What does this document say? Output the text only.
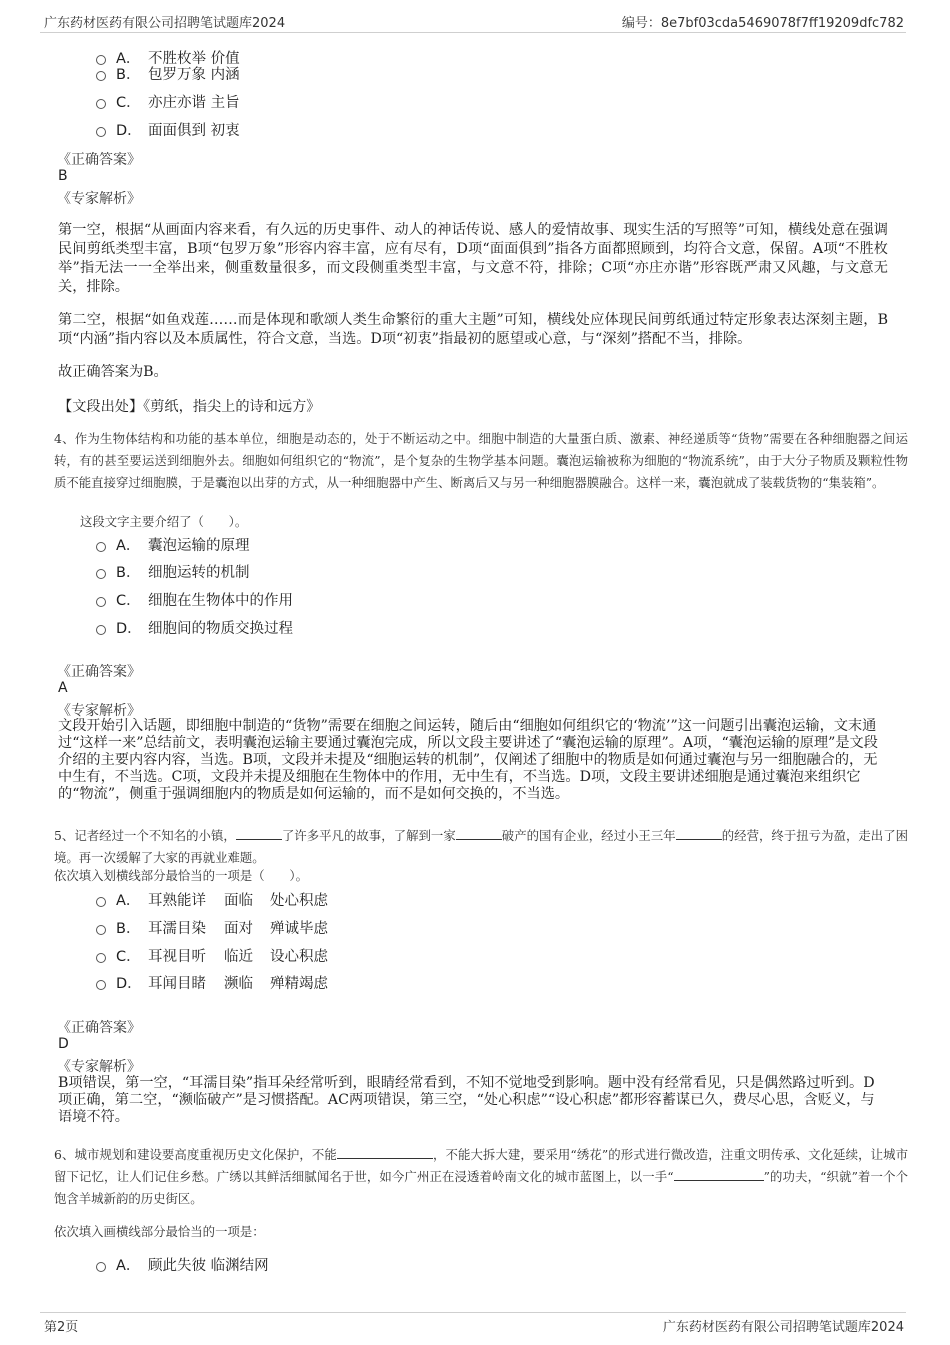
广东药材医药有限公司招聘笔试题库2024	编号：8e7bf03cda5469078f7ff19209dfc782
A． 不胜枚举 价值
B． 包罗万象 内涵
C． 亦庄亦谐 主旨
D． 面面俱到 初衷
《正确答案》
B
《专家解析》

第一空，根据“从画面内容来看，有久远的历史事件、动人的神话传说、感人的爱情故事、现实生活的写照等”可知，横线处意在强调民间剪纸类型丰富，B项“包罗万象”形容内容丰富，应有尽有，D项“面面俱到”指各方面都照顾到，均符合文意，保留。A项“不胜枚举”指无法一一全举出来，侧重数量很多，而文段侧重类型丰富，与文意不符，排除；C项“亦庄亦谐”形容既严肃又风趣，与文意无关，排除。

第二空，根据“如鱼戏莲……而是体现和歌颂人类生命繁衍的重大主题”可知，横线处应体现民间剪纸通过特定形象表达深刻主题，B项“内涵”指内容以及本质属性，符合文意，当选。D项“初衷”指最初的愿望或心意，与“深刻”搭配不当，排除。

故正确答案为B。

【文段出处】《剪纸，指尖上的诗和远方》

4、作为生物体结构和功能的基本单位，细胞是动态的，处于不断运动之中。细胞中制造的大量蛋白质、激素、神经递质等“货物”需要在各种细胞器之间运转，有的甚至要运送到细胞外去。细胞如何组织它的“物流”，是个复杂的生物学基本问题。囊泡运输被称为细胞的“物流系统”，由于大分子物质及颗粒性物质不能直接穿过细胞膜，于是囊泡以出芽的方式，从一种细胞器中产生、断离后又与另一种细胞器膜融合。这样一来，囊泡就成了装载货物的“集装箱”。

这段文字主要介绍了（　　）。
A． 囊泡运输的原理
B． 细胞运转的机制
C． 细胞在生物体中的作用
D． 细胞间的物质交换过程
《正确答案》
A
《专家解析》

文段开始引入话题，即细胞中制造的“货物”需要在细胞之间运转，随后由“细胞如何组织它的‘物流’”这一问题引出囊泡运输，文末通过“这样一来”总结前文，表明囊泡运输主要通过囊泡完成，所以文段主要讲述了“囊泡运输的原理”。A项，“囊泡运输的原理”是文段介绍的主要内容内容，当选。B项，文段并未提及“细胞运转的机制”，仅阐述了细胞中的物质是如何通过囊泡与另一细胞融合的，无中生有，不当选。C项，文段并未提及细胞在生物体中的作用，无中生有，不当选。D项，文段主要讲述细胞是通过囊泡来组织它的“物流”，侧重于强调细胞内的物质是如何运输的，而不是如何交换的，不当选。

5、记者经过一个不知名的小镇，	了许多平凡的故事，了解到一家	破产的国有企业，经过小王三年	的经营，终于扭亏为盈，走出了困境。再一次缓解了大家的再就业难题。

依次填入划横线部分最恰当的一项是（　　）。
A． 耳熟能详	面临	处心积虑
B． 耳濡目染	面对	殚诚毕虑
C． 耳视目听	临近	设心积虑
D． 耳闻目睹	濒临	殚精竭虑
《正确答案》
D
《专家解析》

B项错误，第一空，“耳濡目染”指耳朵经常听到，眼睛经常看到，不知不觉地受到影响。题中没有经常看见，只是偶然路过听到。D项正确，第二空，“濒临破产”是习惯搭配。AC两项错误，第三空，“处心积虑”“设心积虑”都形容蓄谋已久，费尽心思，含贬义，与语境不符。

6、城市规划和建设要高度重视历史文化保护，不能	，不能大拆大建，要采用“绣花”的形式进行微改造，注重文明传承、文化延续，让城市留下记忆，让人们记住乡愁。广绣以其鲜活细腻闻名于世，如今广州正在浸透着岭南文化的城市蓝图上，以一手“	”的功夫，“织就”着一个个饱含羊城新韵的历史街区。

依次填入画横线部分最恰当的一项是：
A． 顾此失彼 临渊结网
第2页	广东药材医药有限公司招聘笔试题库2024
